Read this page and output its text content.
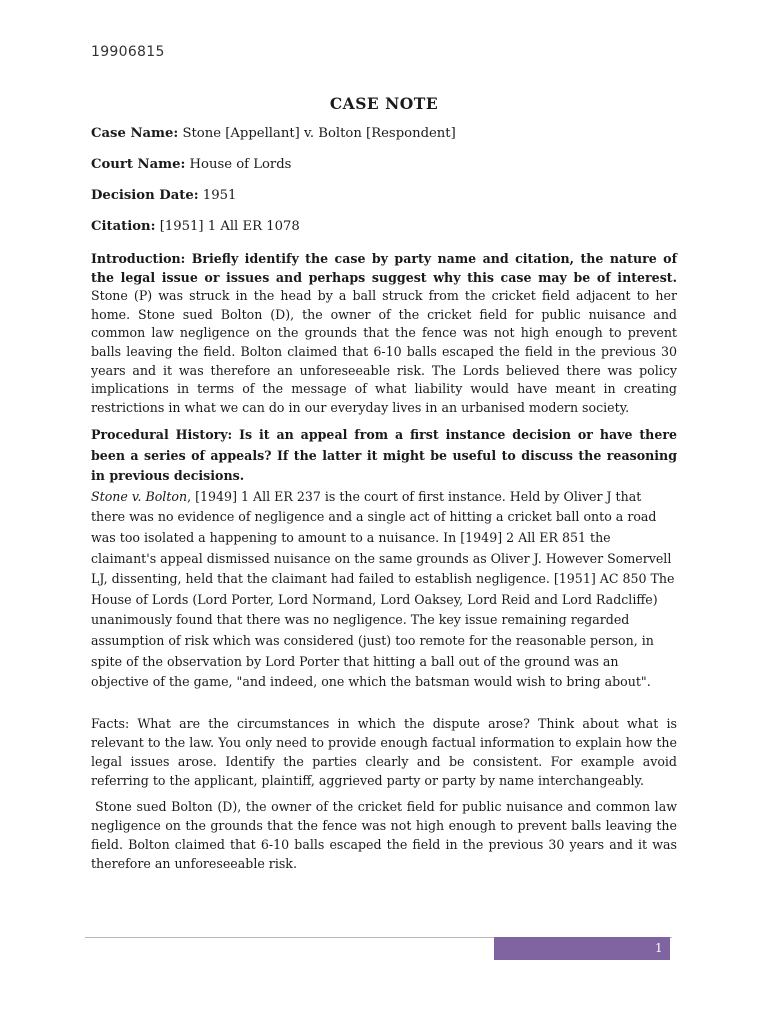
19906815
CASE NOTE
Case Name: Stone [Appellant] v. Bolton [Respondent]
Court Name: House of Lords
Decision Date: 1951
Citation: [1951] 1 All ER 1078
Introduction: Briefly identify the case by party name and citation, the nature of the legal issue or issues and perhaps suggest why this case may be of interest. Stone (P) was struck in the head by a ball struck from the cricket field adjacent to her home. Stone sued Bolton (D), the owner of the cricket field for public nuisance and common law negligence on the grounds that the fence was not high enough to prevent balls leaving the field. Bolton claimed that 6-10 balls escaped the field in the previous 30 years and it was therefore an unforeseeable risk. The Lords believed there was policy implications in terms of the message of what liability would have meant in creating restrictions in what we can do in our everyday lives in an urbanised modern society.
Procedural History: Is it an appeal from a first instance decision or have there been a series of appeals? If the latter it might be useful to discuss the reasoning in previous decisions.
Stone v. Bolton, [1949] 1 All ER 237 is the court of first instance. Held by Oliver J that there was no evidence of negligence and a single act of hitting a cricket ball onto a road was too isolated a happening to amount to a nuisance. In [1949] 2 All ER 851 the claimant's appeal dismissed nuisance on the same grounds as Oliver J. However Somervell LJ, dissenting, held that the claimant had failed to establish negligence. [1951] AC 850 The House of Lords (Lord Porter, Lord Normand, Lord Oaksey, Lord Reid and Lord Radcliffe) unanimously found that there was no negligence. The key issue remaining regarded assumption of risk which was considered (just) too remote for the reasonable person, in spite of the observation by Lord Porter that hitting a ball out of the ground was an objective of the game, "and indeed, one which the batsman would wish to bring about".
Facts: What are the circumstances in which the dispute arose? Think about what is relevant to the law. You only need to provide enough factual information to explain how the legal issues arose. Identify the parties clearly and be consistent. For example avoid referring to the applicant, plaintiff, aggrieved party or party by name interchangeably.
Stone sued Bolton (D), the owner of the cricket field for public nuisance and common law negligence on the grounds that the fence was not high enough to prevent balls leaving the field. Bolton claimed that 6-10 balls escaped the field in the previous 30 years and it was therefore an unforeseeable risk.
1
